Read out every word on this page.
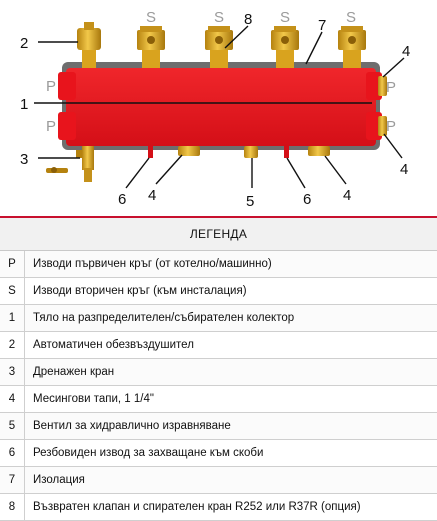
S	S	S	S
P
P
P
P
1
2
3
4
4
4	4
5
6	6
7
8
ЛЕГЕНДА
P	Изводи първичен кръг (от котелно/машинно)
S	Изводи вторичен кръг (към инсталация)
1	Тяло на разпределителен/събирателен колектор
2	Автоматичен обезвъздушител
3	Дренажен кран
4	Месингови тапи, 1 1/4"
5	Вентил за хидравлично изравняване
6	Резбовиден извод за захващане към скоби
7	Изолация
8	Възвратен клапан и спирателен кран R252 или R37R (опция)
